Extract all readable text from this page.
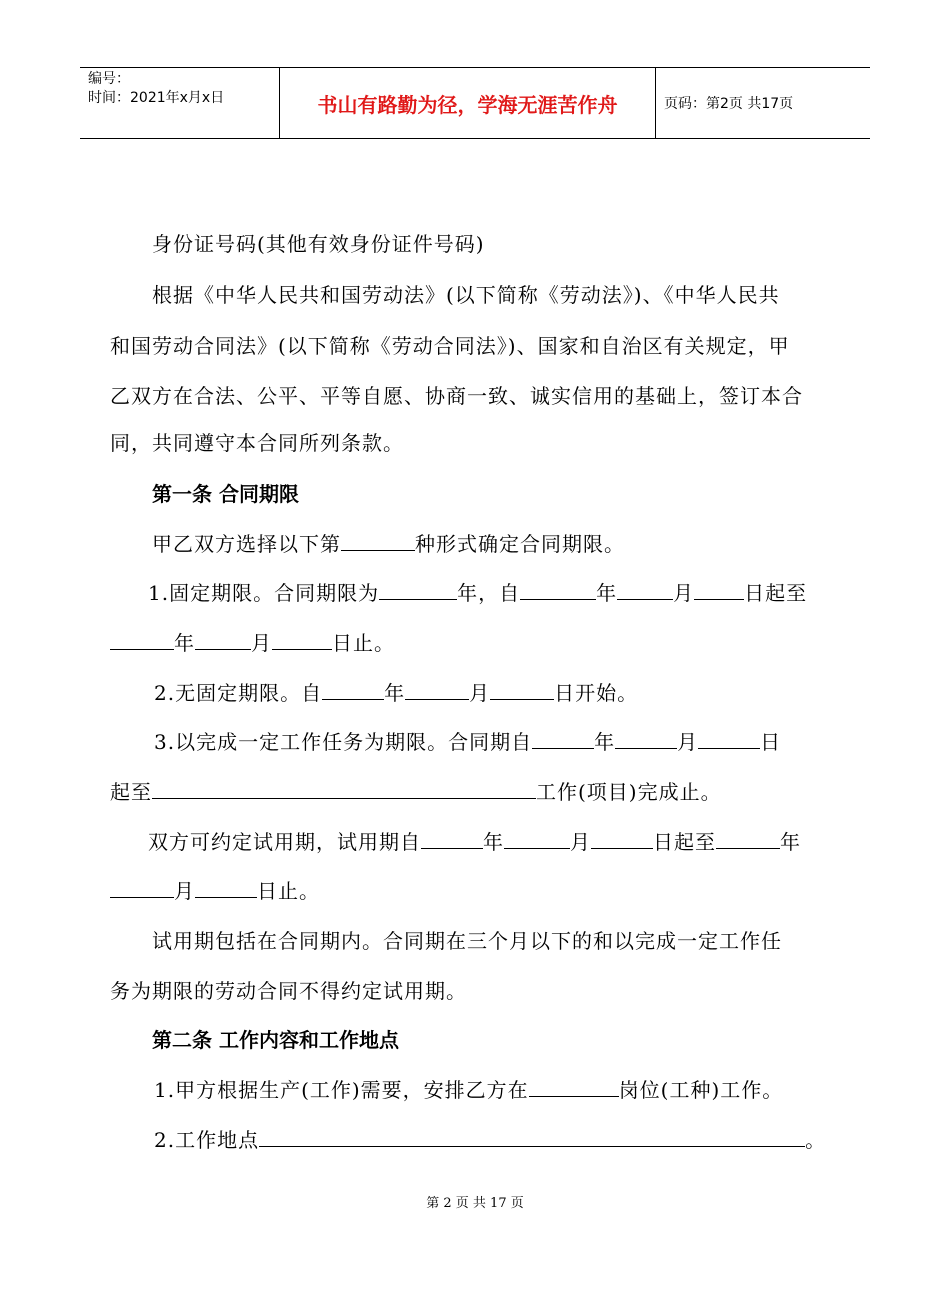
编号：
时间：2021年x月x日	书山有路勤为径，学海无涯苦作舟	页码：第2页 共17页
身份证号码(其他有效身份证件号码)
根据《中华人民共和国劳动法》(以下简称《劳动法》)、《中华人民共
和国劳动合同法》(以下简称《劳动合同法》)、国家和自治区有关规定，甲
乙双方在合法、公平、平等自愿、协商一致、诚实信用的基础上，签订本合
同，共同遵守本合同所列条款。
第一条 合同期限
甲乙双方选择以下第	种形式确定合同期限。
1.固定期限。合同期限为	年，自	年	月	日起至
年	月	日止。
2.无固定期限。自	年	月	日开始。
3.以完成一定工作任务为期限。合同期自	年	月	日
起至	工作(项目)完成止。
双方可约定试用期，试用期自	年	月	日起至	年
月	日止。
试用期包括在合同期内。合同期在三个月以下的和以完成一定工作任
务为期限的劳动合同不得约定试用期。
第二条 工作内容和工作地点
1.甲方根据生产(工作)需要，安排乙方在	岗位(工种)工作。
2.工作地点	。
第 2 页 共 17 页
